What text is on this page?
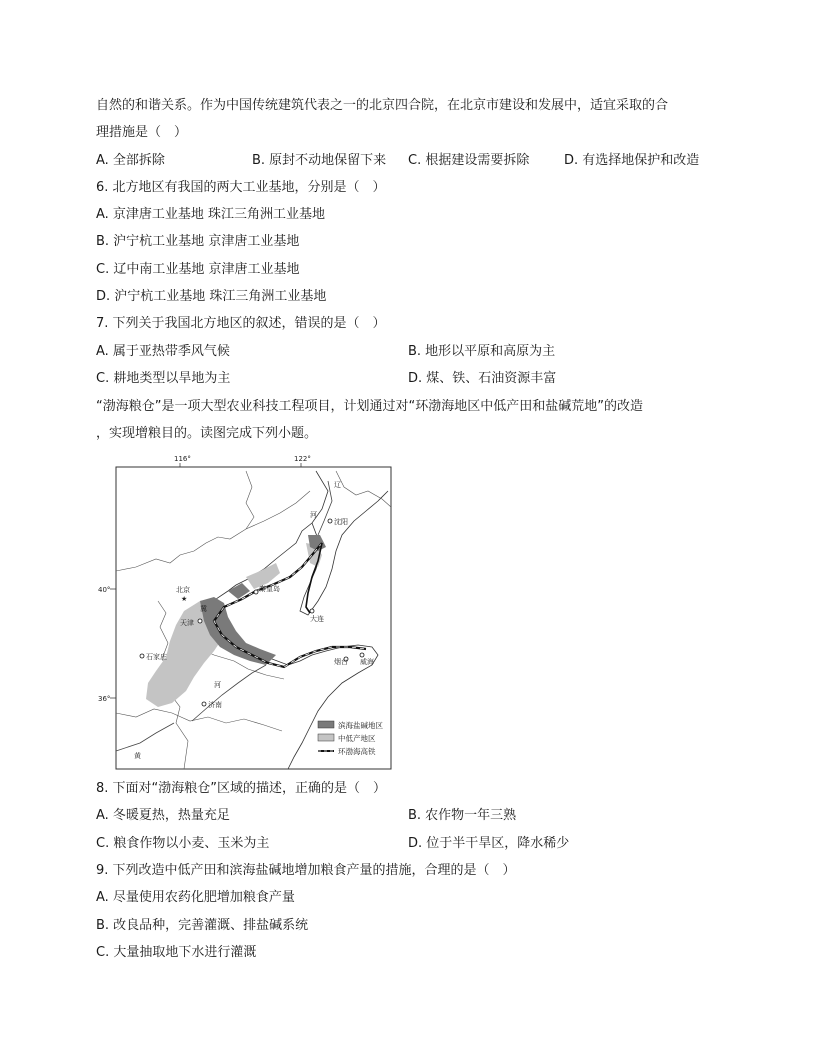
自然的和谐关系。作为中国传统建筑代表之一的北京四合院，在北京市建设和发展中，适宜采取的合
理措施是（　）
A. 全部拆除	B. 原封不动地保留下来 C. 根据建设需要拆除	D. 有选择地保护和改造
6. 北方地区有我国的两大工业基地，分别是（　）
A. 京津唐工业基地 珠江三角洲工业基地
B. 沪宁杭工业基地 京津唐工业基地
C. 辽中南工业基地 京津唐工业基地
D. 沪宁杭工业基地 珠江三角洲工业基地
7. 下列关于我国北方地区的叙述，错误的是（　）
A. 属于亚热带季风气候	B. 地形以平原和高原为主
C. 耕地类型以旱地为主	D. 煤、铁、石油资源丰富
“渤海粮仓”是一项大型农业科技工程项目，计划通过对“环渤海地区中低产田和盐碱荒地”的改造
，实现增粮目的。读图完成下列小题。
116°	122°
40°
36°
北京
★
天津
石家庄
济南
沈阳
大连
秦皇岛
烟台 威海
辽
河
冀
河
黄
滨海盐碱地区
中低产地区
环渤海高铁
8. 下面对“渤海粮仓”区域的描述，正确的是（　）
A. 冬暖夏热，热量充足	B. 农作物一年三熟
C. 粮食作物以小麦、玉米为主	D. 位于半干旱区，降水稀少
9. 下列改造中低产田和滨海盐碱地增加粮食产量的措施，合理的是（　）
A. 尽量使用农药化肥增加粮食产量
B. 改良品种，完善灌溉、排盐碱系统
C. 大量抽取地下水进行灌溉
